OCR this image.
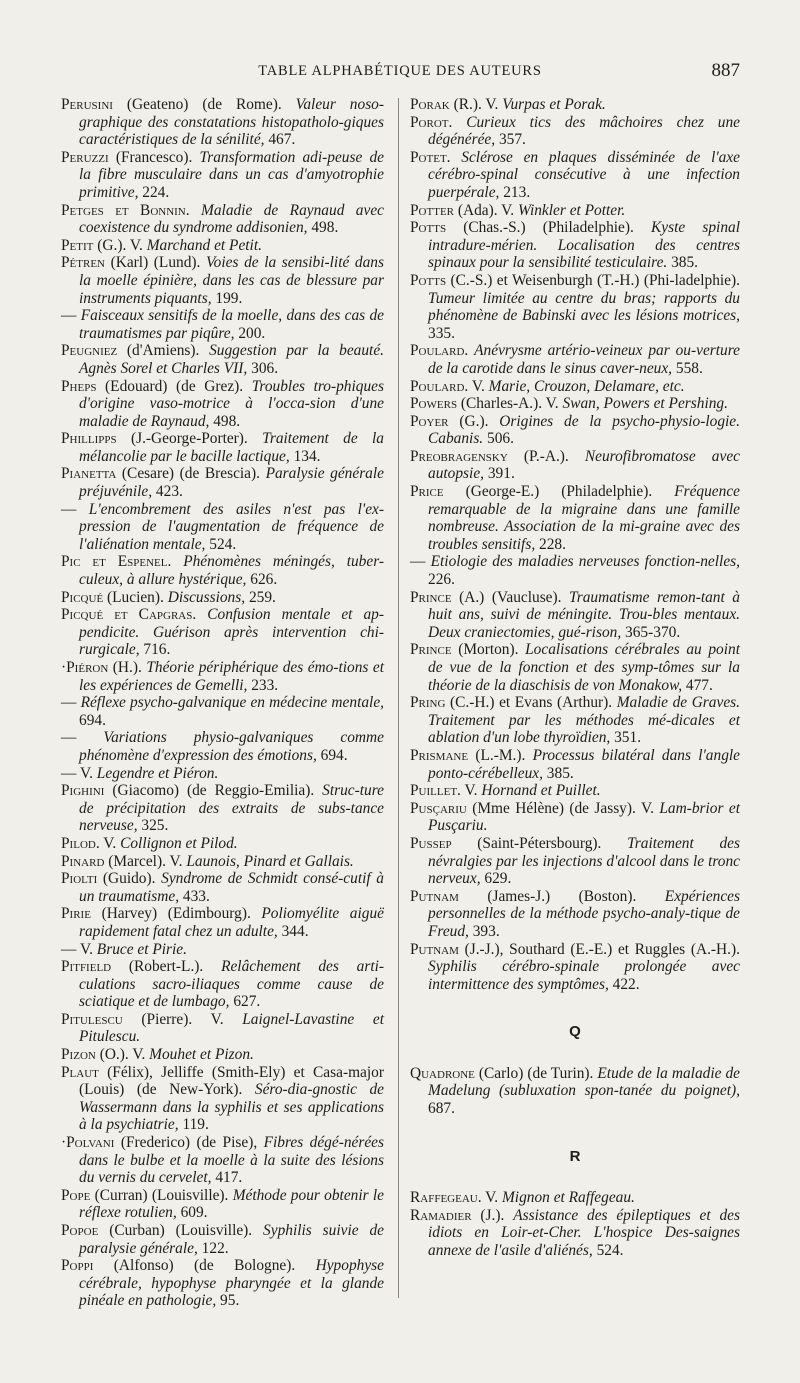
TABLE ALPHABÉTIQUE DES AUTEURS	887

Perusini (Geateno) (de Rome). Valeur noso-graphique des constatations histopatholo-giques caractéristiques de la sénilité, 467.

Peruzzi (Francesco). Transformation adi-peuse de la fibre musculaire dans un cas d'amyotrophie primitive, 224.

Petges et Bonnin. Maladie de Raynaud avec coexistence du syndrome addisonien, 498.

Petit (G.). V. Marchand et Petit.

Pétren (Karl) (Lund). Voies de la sensibi-lité dans la moelle épinière, dans les cas de blessure par instruments piquants, 199.

— Faisceaux sensitifs de la moelle, dans des cas de traumatismes par piqûre, 200.

Peugniez (d'Amiens). Suggestion par la beauté. Agnès Sorel et Charles VII, 306.

Pheps (Edouard) (de Grez). Troubles tro-phiques d'origine vaso-motrice à l'occa-sion d'une maladie de Raynaud, 498.

Phillipps (J.-George-Porter). Traitement de la mélancolie par le bacille lactique, 134.

Pianetta (Cesare) (de Brescia). Paralysie générale préjuvénile, 423.

— L'encombrement des asiles n'est pas l'ex-pression de l'augmentation de fréquence de l'aliénation mentale, 524.

Pic et Espenel. Phénomènes méningés, tuber-culeux, à allure hystérique, 626.

Picqué (Lucien). Discussions, 259.

Picqué et Capgras. Confusion mentale et ap-pendicite. Guérison après intervention chi-rurgicale, 716.

·Piéron (H.). Théorie périphérique des émo-tions et les expériences de Gemelli, 233.

— Réflexe psycho-galvanique en médecine mentale, 694.

— Variations physio-galvaniques comme phénomène d'expression des émotions, 694.

— V. Legendre et Piéron.

Pighini (Giacomo) (de Reggio-Emilia). Struc-ture de précipitation des extraits de subs-tance nerveuse, 325.

Pilod. V. Collignon et Pilod.

Pinard (Marcel). V. Launois, Pinard et Gallais.

Piolti (Guido). Syndrome de Schmidt consé-cutif à un traumatisme, 433.

Pirie (Harvey) (Edimbourg). Poliomyélite aiguë rapidement fatal chez un adulte, 344.

— V. Bruce et Pirie.

Pitfield (Robert-L.). Relâchement des arti-culations sacro-iliaques comme cause de sciatique et de lumbago, 627.

Pitulescu (Pierre). V. Laignel-Lavastine et Pitulescu.

Pizon (O.). V. Mouhet et Pizon.

Plaut (Félix), Jelliffe (Smith-Ely) et Casa-major (Louis) (de New-York). Séro-dia-gnostic de Wassermann dans la syphilis et ses applications à la psychiatrie, 119.

·Polvani (Frederico) (de Pise), Fibres dégé-nérées dans le bulbe et la moelle à la suite des lésions du vernis du cervelet, 417.

Pope (Curran) (Louisville). Méthode pour obtenir le réflexe rotulien, 609.

Popoe (Curban) (Louisville). Syphilis suivie de paralysie générale, 122.

Poppi (Alfonso) (de Bologne). Hypophyse cérébrale, hypophyse pharyngée et la glande pinéale en pathologie, 95.

Porak (R.). V. Vurpas et Porak.

Porot. Curieux tics des mâchoires chez une dégénérée, 357.

Potet. Sclérose en plaques disséminée de l'axe cérébro-spinal consécutive à une infection puerpérale, 213.

Potter (Ada). V. Winkler et Potter.

Potts (Chas.-S.) (Philadelphie). Kyste spinal intradure-mérien. Localisation des centres spinaux pour la sensibilité testiculaire. 385.

Potts (C.-S.) et Weisenburgh (T.-H.) (Phi-ladelphie). Tumeur limitée au centre du bras; rapports du phénomène de Babinski avec les lésions motrices, 335.

Poulard. Anévrysme artério-veineux par ou-verture de la carotide dans le sinus caver-neux, 558.

Poulard. V. Marie, Crouzon, Delamare, etc.

Powers (Charles-A.). V. Swan, Powers et Pershing.

Poyer (G.). Origines de la psycho-physio-logie. Cabanis. 506.

Preobragensky (P.-A.). Neurofibromatose avec autopsie, 391.

Price (George-E.) (Philadelphie). Fréquence remarquable de la migraine dans une famille nombreuse. Association de la mi-graine avec des troubles sensitifs, 228.

— Etiologie des maladies nerveuses fonction-nelles, 226.

Prince (A.) (Vaucluse). Traumatisme remon-tant à huit ans, suivi de méningite. Trou-bles mentaux. Deux craniectomies, gué-rison, 365-370.

Prince (Morton). Localisations cérébrales au point de vue de la fonction et des symp-tômes sur la théorie de la diaschisis de von Monakow, 477.

Pring (C.-H.) et Evans (Arthur). Maladie de Graves. Traitement par les méthodes mé-dicales et ablation d'un lobe thyroïdien, 351.

Prismane (L.-M.). Processus bilatéral dans l'angle ponto-cérébelleux, 385.

Puillet. V. Hornand et Puillet.

Pusçariu (Mme Hélène) (de Jassy). V. Lam-brior et Pusçariu.

Pussep (Saint-Pétersbourg). Traitement des névralgies par les injections d'alcool dans le tronc nerveux, 629.

Putnam (James-J.) (Boston). Expériences personnelles de la méthode psycho-analy-tique de Freud, 393.

Putnam (J.-J.), Southard (E.-E.) et Ruggles (A.-H.). Syphilis cérébro-spinale prolongée avec intermittence des symptômes, 422.

Q

Quadrone (Carlo) (de Turin). Etude de la maladie de Madelung (subluxation spon-tanée du poignet), 687.

R

Raffegeau. V. Mignon et Raffegeau.

Ramadier (J.). Assistance des épileptiques et des idiots en Loir-et-Cher. L'hospice Des-saignes annexe de l'asile d'aliénés, 524.
